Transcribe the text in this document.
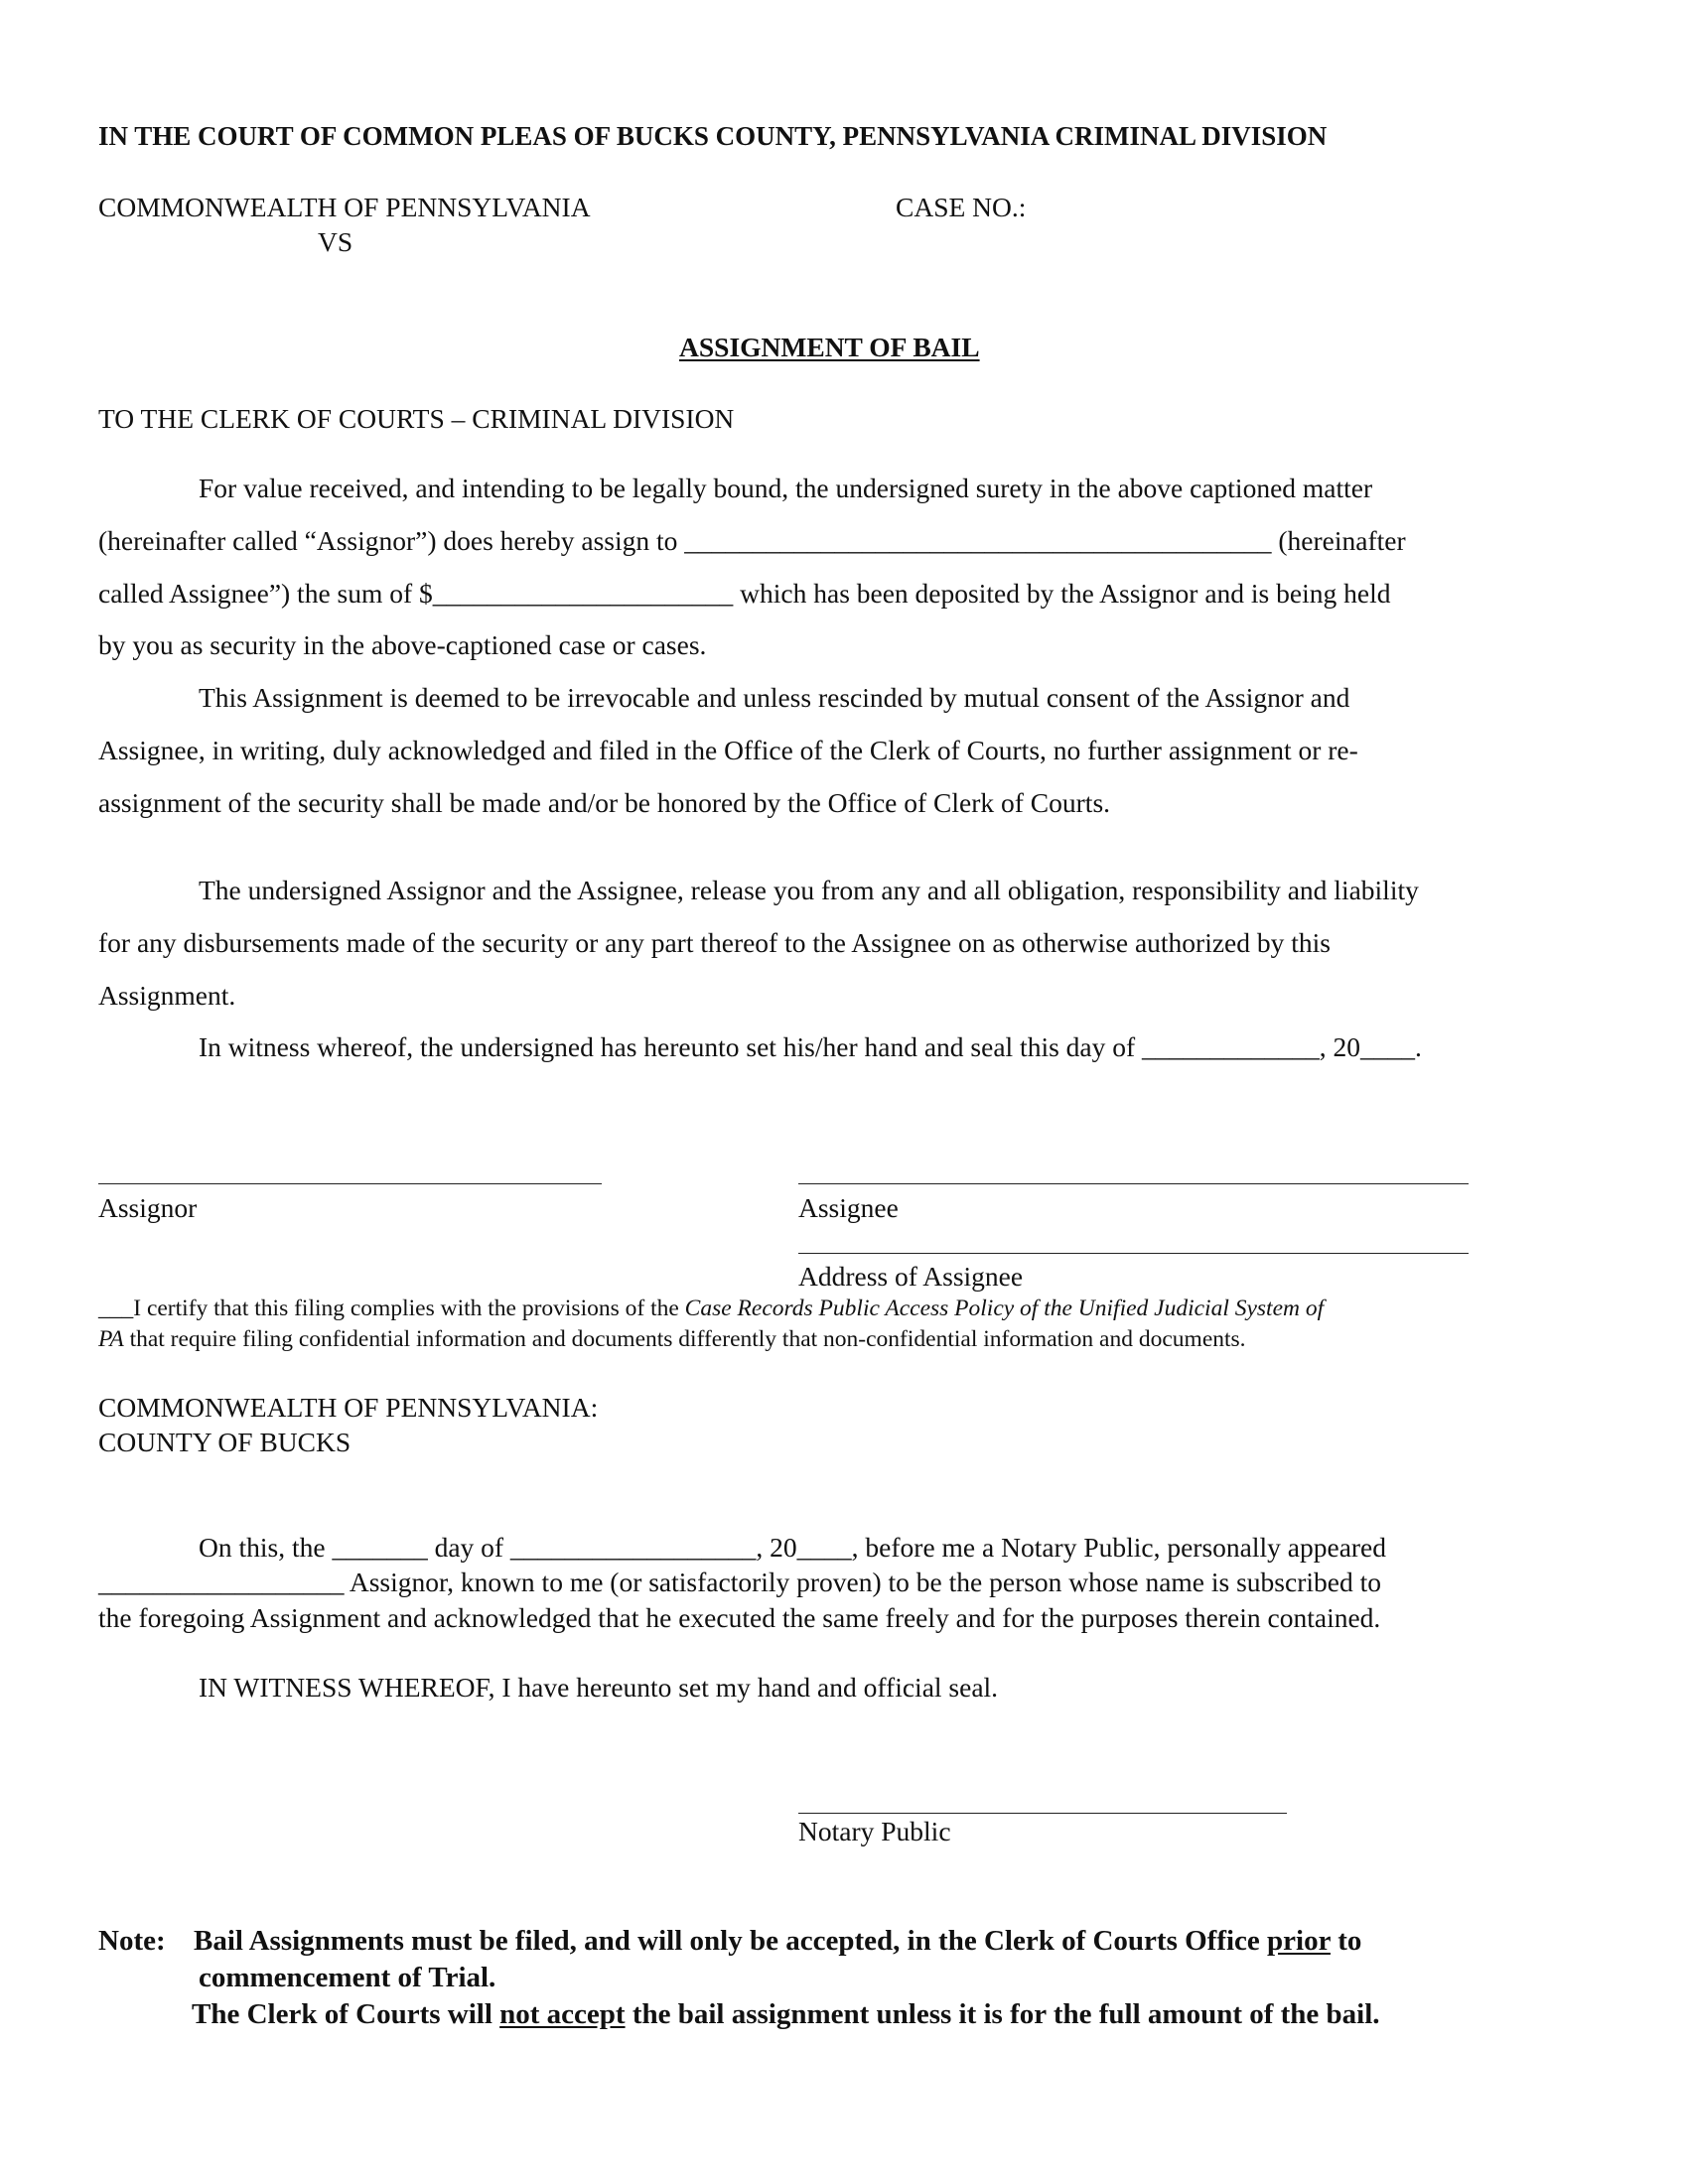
IN THE COURT OF COMMON PLEAS OF BUCKS COUNTY, PENNSYLVANIA CRIMINAL DIVISION
COMMONWEALTH OF PENNSYLVANIA
VS
CASE NO.:
ASSIGNMENT OF BAIL
TO THE CLERK OF COURTS – CRIMINAL DIVISION
For value received, and intending to be legally bound, the undersigned surety in the above captioned matter
(hereinafter called “Assignor”) does hereby assign to ___________________________________________ (hereinafter
called Assignee”) the sum of $______________________ which has been deposited by the Assignor and is being held
by you as security in the above-captioned case or cases.
This Assignment is deemed to be irrevocable and unless rescinded by mutual consent of the Assignor and
Assignee, in writing, duly acknowledged and filed in the Office of the Clerk of Courts, no further assignment or re-
assignment of the security shall be made and/or be honored by the Office of Clerk of Courts.
The undersigned Assignor and the Assignee, release you from any and all obligation, responsibility and liability
for any disbursements made of the security or any part thereof to the Assignee on as otherwise authorized by this
Assignment.
In witness whereof, the undersigned has hereunto set his/her hand and seal this day of _____________, 20____.
Assignor	Assignee
Address of Assignee
___I certify that this filing complies with the provisions of the Case Records Public Access Policy of the Unified Judicial System of
PA that require filing confidential information and documents differently that non-confidential information and documents.
COMMONWEALTH OF PENNSYLVANIA:
COUNTY OF BUCKS
On this, the _______ day of __________________, 20____, before me a Notary Public, personally appeared
__________________ Assignor, known to me (or satisfactorily proven) to be the person whose name is subscribed to
the foregoing Assignment and acknowledged that he executed the same freely and for the purposes therein contained.
IN WITNESS WHEREOF, I have hereunto set my hand and official seal.
Notary Public
Note: Bail Assignments must be filed, and will only be accepted, in the Clerk of Courts Office prior to
commencement of Trial.
The Clerk of Courts will not accept the bail assignment unless it is for the full amount of the bail.
